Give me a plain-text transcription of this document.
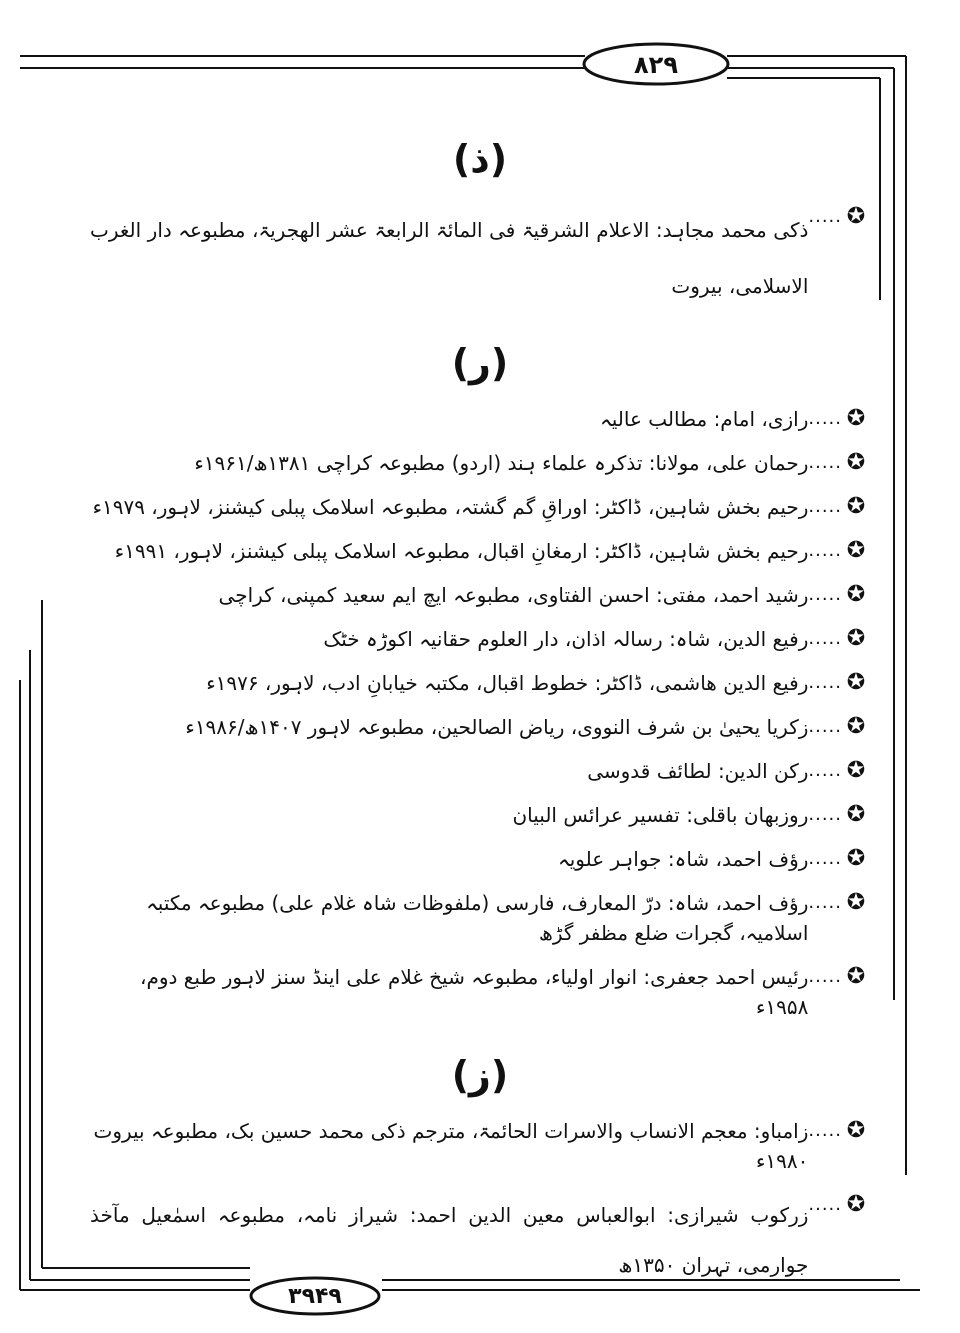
۸۲۹
۳۹۴۹

(ذ)

✪
.....
ذکی محمد مجاہد: الاعلام الشرقیۃ فی المائۃ الرابعۃ عشر الھجریۃ، مطبوعہ دار الغرب الاسلامی، بیروت

(ر)

✪
.....
رازی، امام: مطالب عالیہ
✪
.....
رحمان علی، مولانا: تذکرہ علماء ہند (اردو) مطبوعہ کراچی ۱۳۸۱ھ/۱۹۶۱ء
✪
.....
رحیم بخش شاہین، ڈاکٹر: اوراقِ گم گشتہ، مطبوعہ اسلامک پبلی کیشنز، لاہور، ۱۹۷۹ء
✪
.....
رحیم بخش شاہین، ڈاکٹر: ارمغانِ اقبال، مطبوعہ اسلامک پبلی کیشنز، لاہور، ۱۹۹۱ء
✪
.....
رشید احمد، مفتی: احسن الفتاوی، مطبوعہ ایچ ایم سعید کمپنی، کراچی
✪
.....
رفیع الدین، شاہ: رسالہ اذان، دار العلوم حقانیہ اکوڑہ خٹک
✪
.....
رفیع الدین ھاشمی، ڈاکٹر: خطوط اقبال، مکتبہ خیابانِ ادب، لاہور، ۱۹۷۶ء
✪
.....
زکریا یحییٰ بن شرف النووی، ریاض الصالحین، مطبوعہ لاہور ۱۴۰۷ھ/۱۹۸۶ء
✪
.....
رکن الدین: لطائف قدوسی
✪
.....
روزبھان باقلی: تفسیر عرائس البیان
✪
.....
رؤف احمد، شاہ: جواہر علویہ
✪
.....
رؤف احمد، شاہ: درّ المعارف، فارسی (ملفوظات شاہ غلام علی) مطبوعہ مکتبہ اسلامیہ، گجرات ضلع مظفر گڑھ
✪
.....
رئیس احمد جعفری: انوار اولیاء، مطبوعہ شیخ غلام علی اینڈ سنز لاہور طبع دوم، ۱۹۵۸ء

(ز)

✪
.....
زامباو: معجم الانساب والاسرات الحائمۃ، مترجم ذکی محمد حسین بک، مطبوعہ بیروت ۱۹۸۰ء
✪
.....
زرکوب شیرازی: ابوالعباس معین الدین احمد: شیراز نامہ، مطبوعہ اسمٰعیل مآخذ جوارمی، تہران ۱۳۵۰ھ
